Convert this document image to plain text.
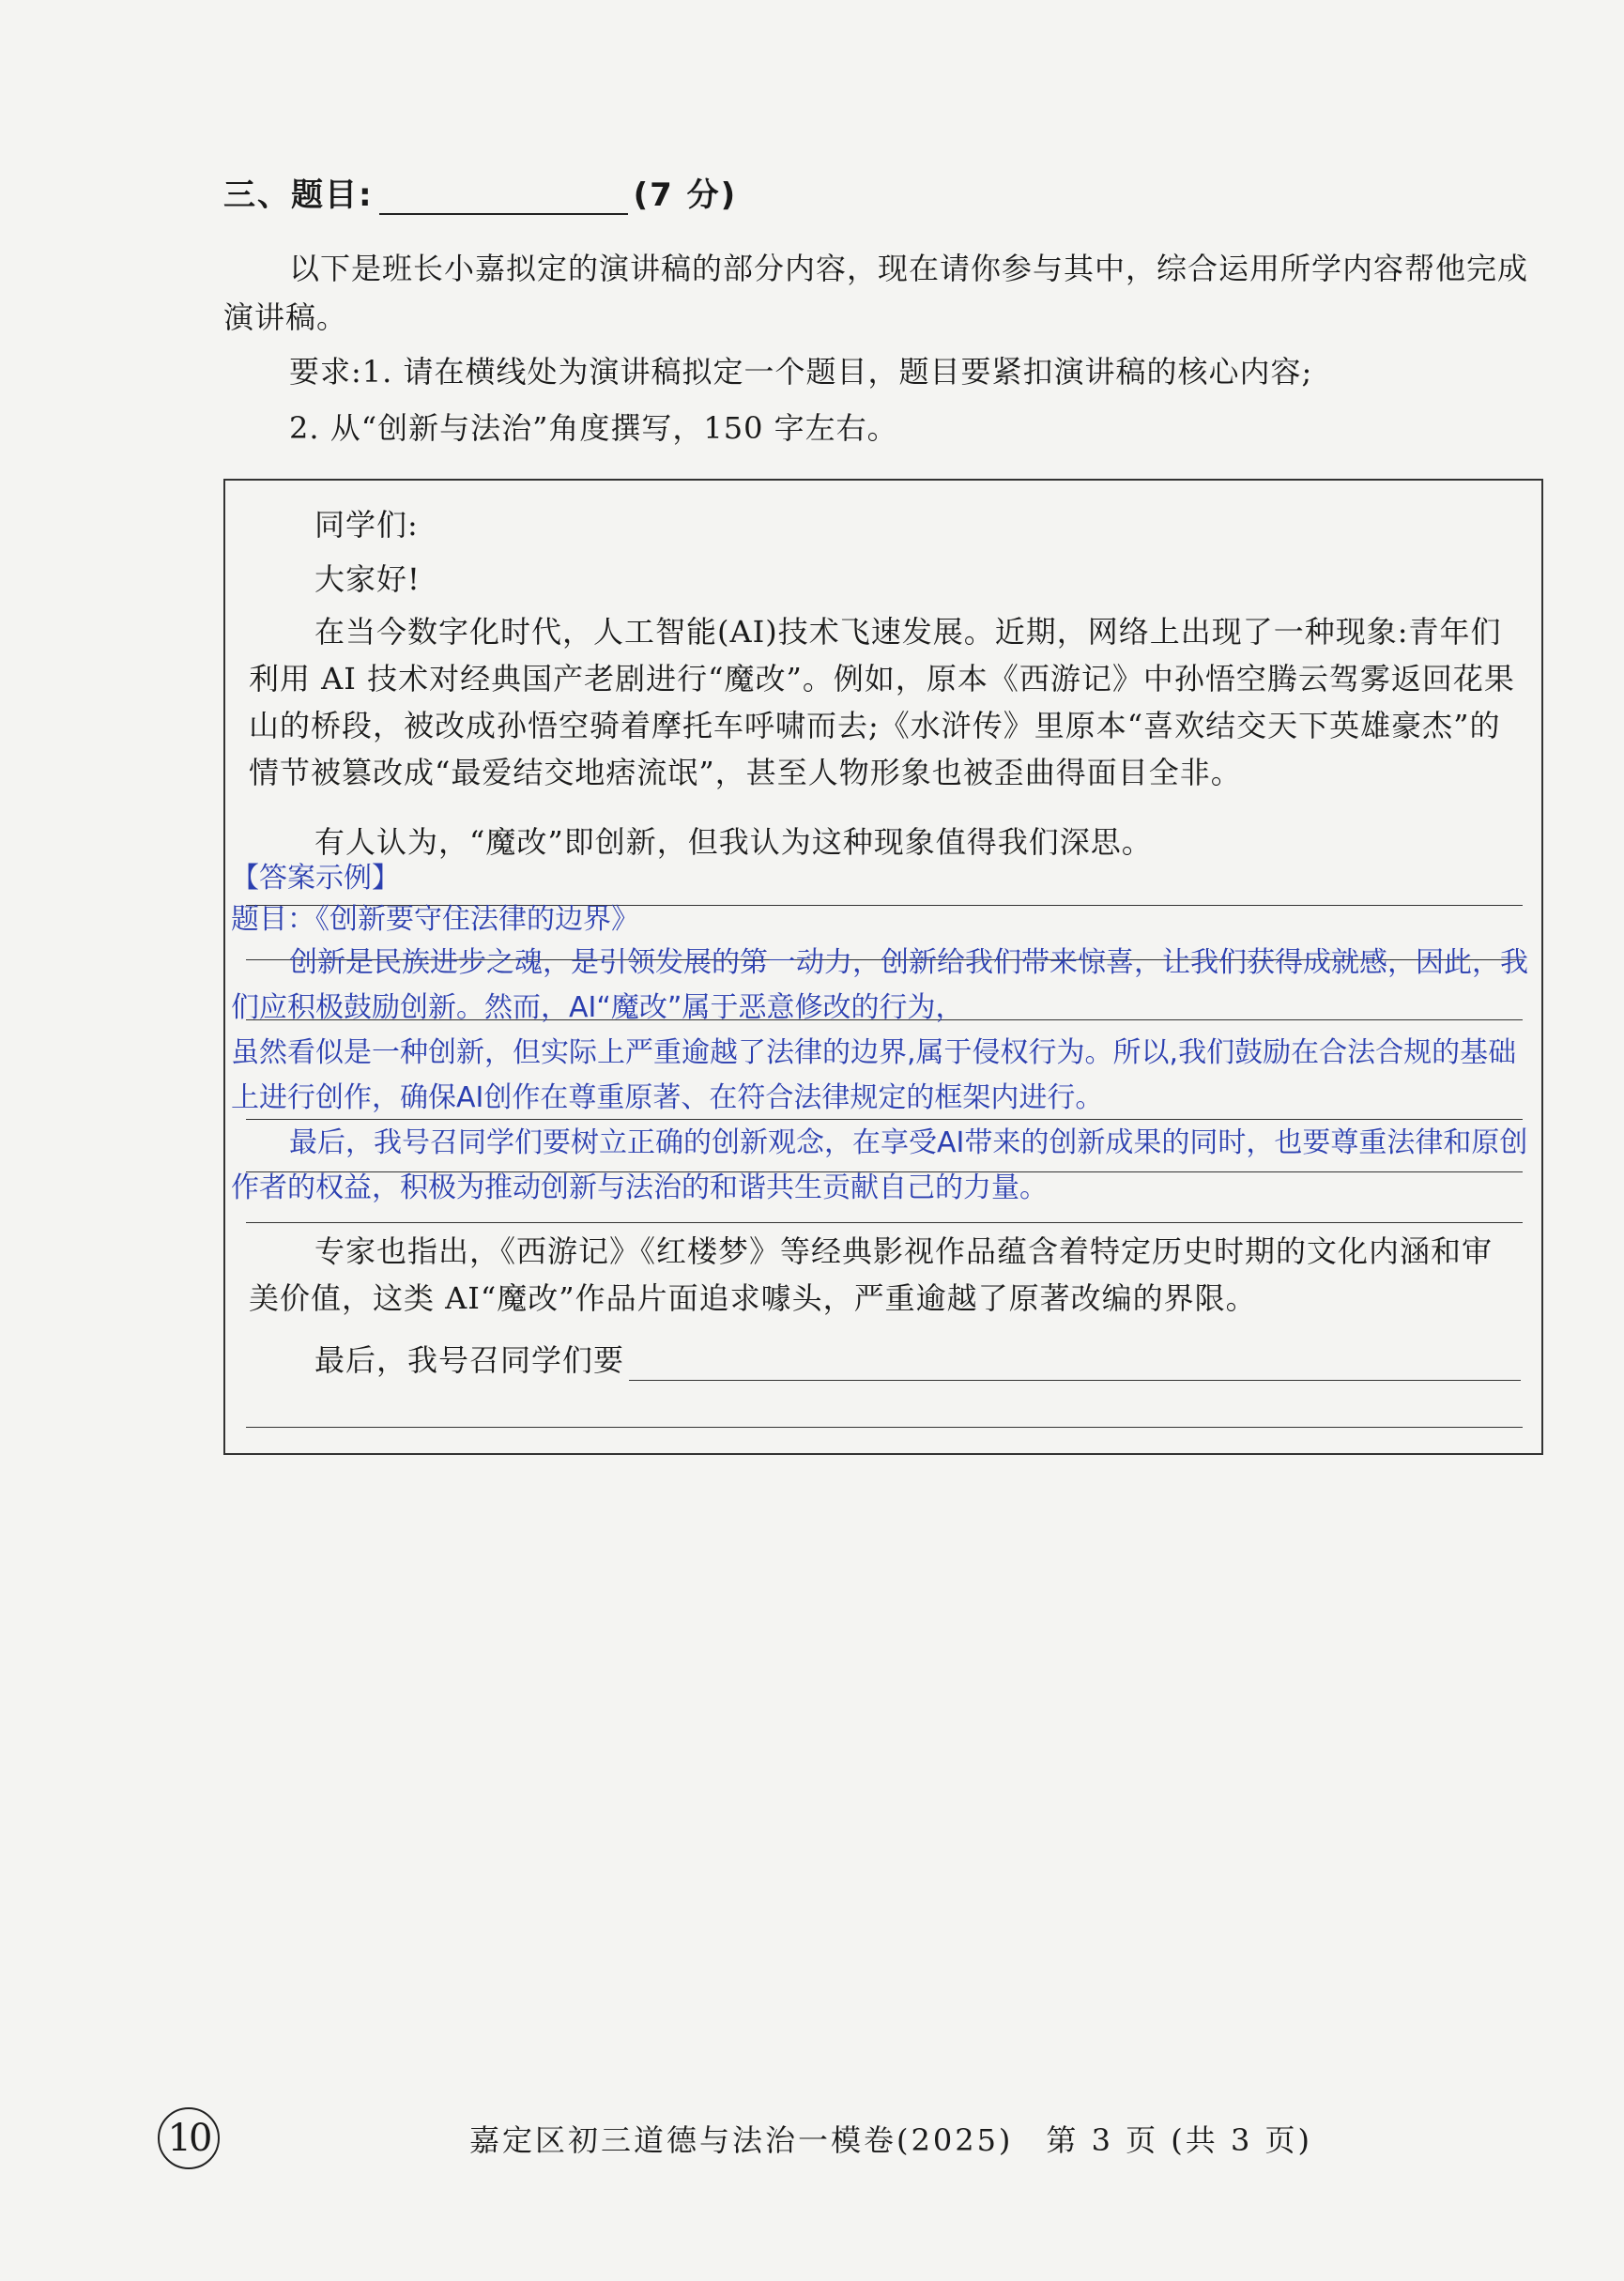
三、题目:	(7 分)
以下是班长小嘉拟定的演讲稿的部分内容，现在请你参与其中，综合运用所学内容帮他完成演讲稿。
要求:1. 请在横线处为演讲稿拟定一个题目，题目要紧扣演讲稿的核心内容;
2. 从“创新与法治”角度撰写，150 字左右。
同学们:
大家好!
在当今数字化时代，人工智能(AI)技术飞速发展。近期，网络上出现了一种现象:青年们利用 AI 技术对经典国产老剧进行“魔改”。例如，原本《西游记》中孙悟空腾云驾雾返回花果山的桥段，被改成孙悟空骑着摩托车呼啸而去;《水浒传》里原本“喜欢结交天下英雄豪杰”的情节被篡改成“最爱结交地痞流氓”，甚至人物形象也被歪曲得面目全非。
有人认为，“魔改”即创新，但我认为这种现象值得我们深思。
【答案示例】
题目：《创新要守住法律的边界》
创新是民族进步之魂，是引领发展的第一动力，创新给我们带来惊喜，让我们获得成就感，因此，我们应积极鼓励创新。然而，AI“魔改”属于恶意修改的行为，
虽然看似是一种创新，但实际上严重逾越了法律的边界,属于侵权行为。所以,我们鼓励在合法合规的基础上进行创作，确保AI创作在尊重原著、在符合法律规定的框架内进行。
最后，我号召同学们要树立正确的创新观念，在享受AI带来的创新成果的同时，也要尊重法律和原创作者的权益，积极为推动创新与法治的和谐共生贡献自己的力量。
专家也指出，《西游记》《红楼梦》等经典影视作品蕴含着特定历史时期的文化内涵和审美价值，这类 AI“魔改”作品片面追求噱头，严重逾越了原著改编的界限。
最后，我号召同学们要
10	嘉定区初三道德与法治一模卷(2025)　第 3 页 (共 3 页)
